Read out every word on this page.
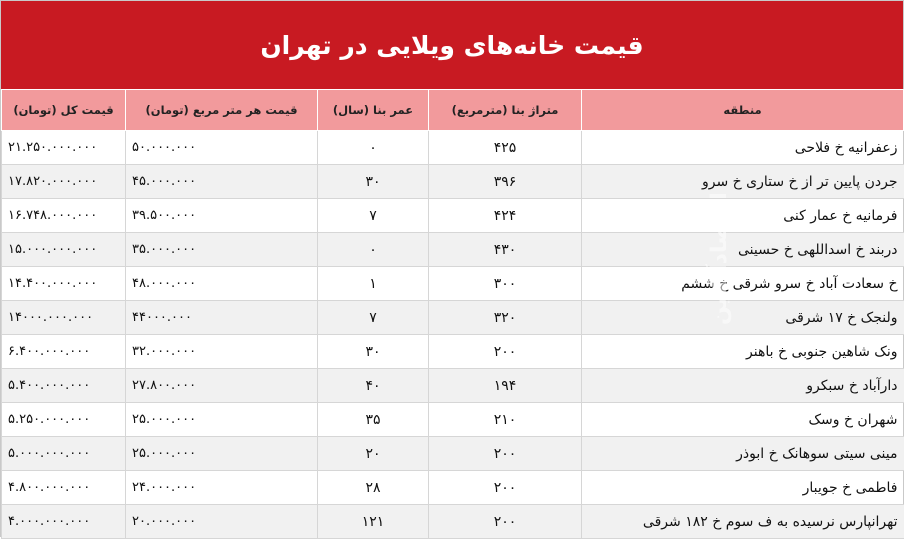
قیمت خانه‌های ویلایی در تهران
منطقه	متراژ بنا (مترمربع)	عمر بنا (سال)	قیمت هر متر مربع (تومان)	قیمت کل (تومان)
زعفرانیه خ فلاحی	۴۲۵	۰	۵۰.۰۰۰.۰۰۰	۲۱.۲۵۰.۰۰۰.۰۰۰
جردن پایین تر از خ ستاری خ سرو	۳۹۶	۳۰	۴۵.۰۰۰.۰۰۰	۱۷.۸۲۰.۰۰۰.۰۰۰
فرمانیه خ عمار کنی	۴۲۴	۷	۳۹.۵۰۰.۰۰۰	۱۶.۷۴۸.۰۰۰.۰۰۰
دربند خ اسداللهی خ حسینی	۴۳۰	۰	۳۵.۰۰۰.۰۰۰	۱۵.۰۰۰.۰۰۰.۰۰۰
خ سعادت آباد خ سرو شرقی خ ششم	۳۰۰	۱	۴۸.۰۰۰.۰۰۰	۱۴.۴۰۰.۰۰۰.۰۰۰
ولنجک خ ۱۷ شرقی	۳۲۰	۷	۴۴۰۰۰.۰۰۰	۱۴۰۰۰.۰۰۰.۰۰۰
ونک شاهین جنوبی خ باهنر	۲۰۰	۳۰	۳۲.۰۰۰.۰۰۰	۶.۴۰۰.۰۰۰.۰۰۰
دارآباد خ سبکرو	۱۹۴	۴۰	۲۷.۸۰۰.۰۰۰	۵.۴۰۰.۰۰۰.۰۰۰
شهران خ وسک	۲۱۰	۳۵	۲۵.۰۰۰.۰۰۰	۵.۲۵۰.۰۰۰.۰۰۰
مینی سیتی سوهانک خ ابوذر	۲۰۰	۲۰	۲۵.۰۰۰.۰۰۰	۵.۰۰۰.۰۰۰.۰۰۰
فاطمی خ جویبار	۲۰۰	۲۸	۲۴.۰۰۰.۰۰۰	۴.۸۰۰.۰۰۰.۰۰۰
تهرانپارس نرسیده به ف سوم خ ۱۸۲ شرقی	۲۰۰	۱۲۱	۲۰.۰۰۰.۰۰۰	۴.۰۰۰.۰۰۰.۰۰۰
اقتصادآنلاین
